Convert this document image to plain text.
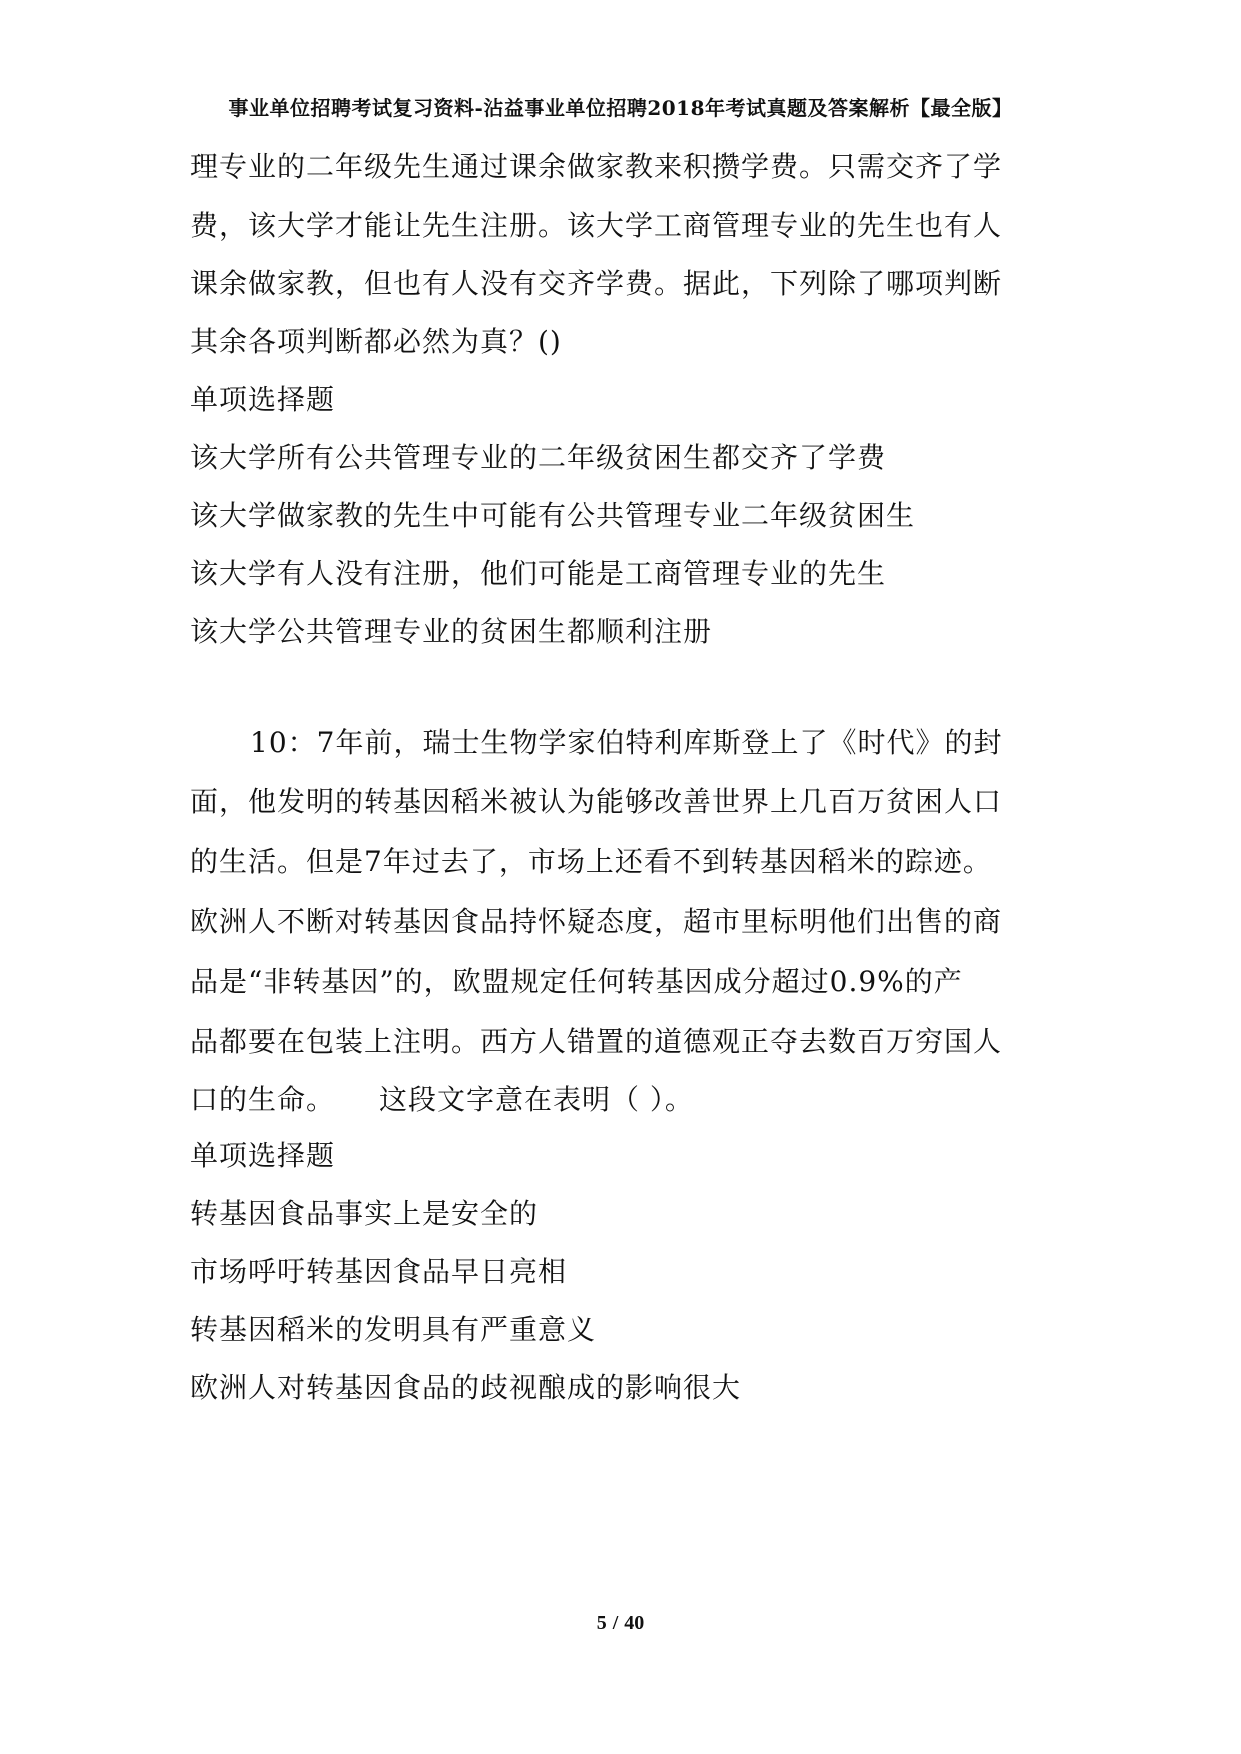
事业单位招聘考试复习资料-沾益事业单位招聘2018年考试真题及答案解析【最全版】
理专业的二年级先生通过课余做家教来积攒学费。只需交齐了学
费，该大学才能让先生注册。该大学工商管理专业的先生也有人
课余做家教，但也有人没有交齐学费。据此，下列除了哪项判断
其余各项判断都必然为真？()
单项选择题
该大学所有公共管理专业的二年级贫困生都交齐了学费
该大学做家教的先生中可能有公共管理专业二年级贫困生
该大学有人没有注册，他们可能是工商管理专业的先生
该大学公共管理专业的贫困生都顺利注册
10：7年前，瑞士生物学家伯特利库斯登上了《时代》的封
面，他发明的转基因稻米被认为能够改善世界上几百万贫困人口
的生活。但是7年过去了，市场上还看不到转基因稻米的踪迹。
欧洲人不断对转基因食品持怀疑态度，超市里标明他们出售的商
品是“非转基因”的，欧盟规定任何转基因成分超过0.9%的产
品都要在包装上注明。西方人错置的道德观正夺去数百万穷国人
口的生命。　　这段文字意在表明（ ）。
单项选择题
转基因食品事实上是安全的
市场呼吁转基因食品早日亮相
转基因稻米的发明具有严重意义
欧洲人对转基因食品的歧视酿成的影响很大
5 / 40
